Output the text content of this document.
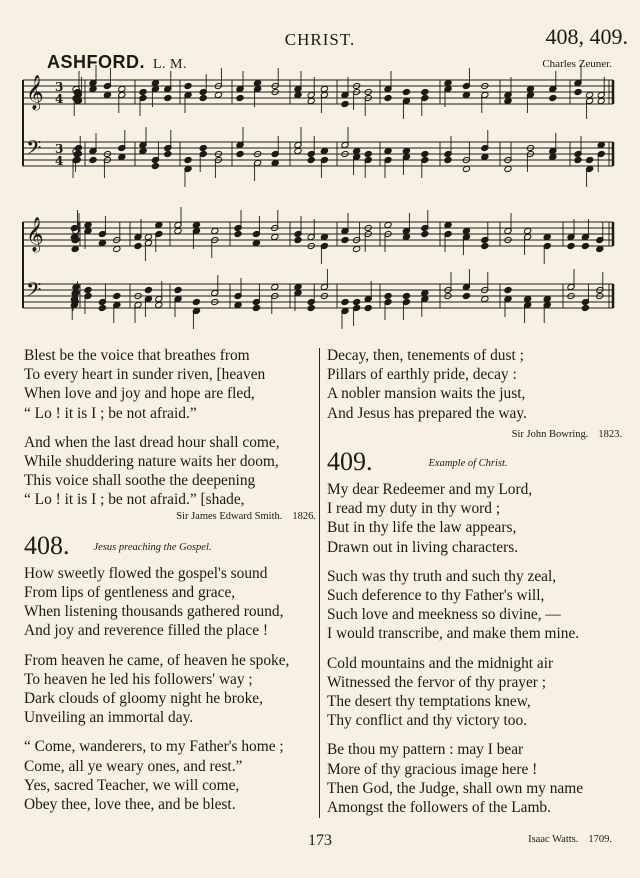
CHRIST.	408, 409.
ASHFORD. L. M.	Charles Zeuner.
𝄞
𝄢
3
4
3
4
𝄞
𝄢

Blest be the voice that breathes from

To every heart in sunder riven, [heaven

When love and joy and hope are fled,

“ Lo ! it is I ; be not afraid.”

And when the last dread hour shall come,

While shuddering nature waits her doom,

This voice shall soothe the deepening

“ Lo ! it is I ; be not afraid.” [shade,

Sir James Edward Smith. 1826.
408. $^{Jesus preaching the Gospel.}$

How sweetly flowed the gospel's sound

From lips of gentleness and grace,

When listening thousands gathered round,

And joy and reverence filled the place !

From heaven he came, of heaven he spoke,

To heaven he led his followers' way ;

Dark clouds of gloomy night he broke,

Unveiling an immortal day.

“ Come, wanderers, to my Father's home ;

Come, all ye weary ones, and rest.”

Yes, sacred Teacher, we will come,

Obey thee, love thee, and be blest.

Decay, then, tenements of dust ;

Pillars of earthly pride, decay :

A nobler mansion waits the just,

And Jesus has prepared the way.

Sir John Bowring. 1823.
409.	$^{Example of Christ.}$

My dear Redeemer and my Lord,

I read my duty in thy word ;

But in thy life the law appears,

Drawn out in living characters.

Such was thy truth and such thy zeal,

Such deference to thy Father's will,

Such love and meekness so divine, —

I would transcribe, and make them mine.

Cold mountains and the midnight air

Witnessed the fervor of thy prayer ;

The desert thy temptations knew,

Thy conflict and thy victory too.

Be thou my pattern : may I bear

More of thy gracious image here !

Then God, the Judge, shall own my name

Amongst the followers of the Lamb.

Isaac Watts. 1709.
173
